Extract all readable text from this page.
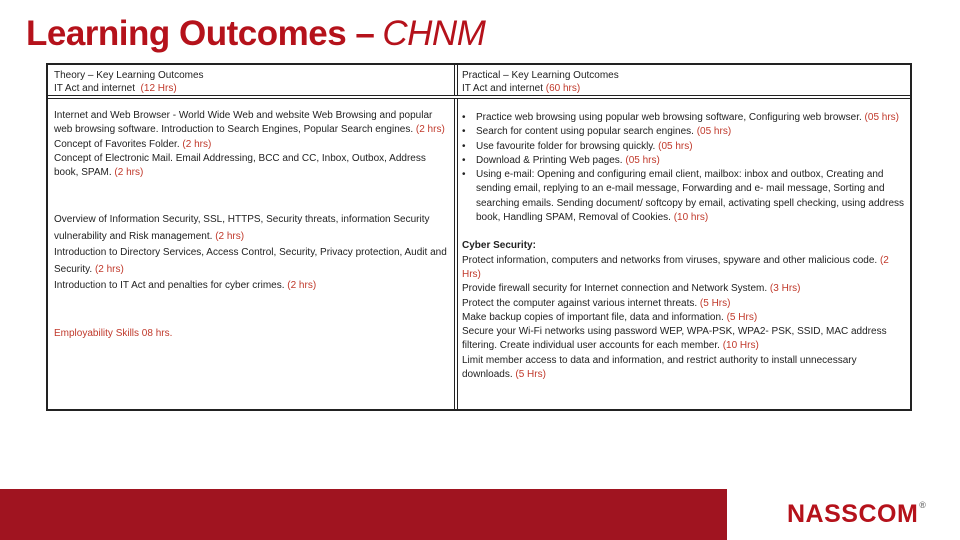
Learning Outcomes – CHNM
Theory – Key Learning Outcomes
IT Act and internet (12 Hrs)
Practical – Key Learning Outcomes
IT Act and internet (60 hrs)

Internet and Web Browser - World Wide Web and website Web Browsing and popular web browsing software. Introduction to Search Engines, Popular Search engines. (2 hrs)

Concept of Favorites Folder. (2 hrs)

Concept of Electronic Mail. Email Addressing, BCC and CC, Inbox, Outbox, Address book, SPAM. (2 hrs)

Overview of Information Security, SSL, HTTPS, Security threats, information Security vulnerability and Risk management. (2 hrs)

Introduction to Directory Services, Access Control, Security, Privacy protection, Audit and Security. (2 hrs)

Introduction to IT Act and penalties for cyber crimes. (2 hrs)

Employability Skills 08 hrs.

• Practice web browsing using popular web browsing software, Configuring web browser. (05 hrs)
• Search for content using popular search engines. (05 hrs)
• Use favourite folder for browsing quickly. (05 hrs)
• Download & Printing Web pages. (05 hrs)
• Using e-mail: Opening and configuring email client, mailbox: inbox and outbox, Creating and sending email, replying to an e-mail message, Forwarding and e- mail message, Sorting and searching emails. Sending document/ softcopy by email, activating spell checking, using address book, Handling SPAM, Removal of Cookies. (10 hrs)

Cyber Security:

Protect information, computers and networks from viruses, spyware and other malicious code. (2 Hrs)

Provide firewall security for Internet connection and Network System. (3 Hrs)

Protect the computer against various internet threats. (5 Hrs)

Make backup copies of important file, data and information. (5 Hrs)

Secure your Wi-Fi networks using password WEP, WPA-PSK, WPA2- PSK, SSID, MAC address filtering. Create individual user accounts for each member. (10 Hrs)

Limit member access to data and information, and restrict authority to install unnecessary downloads. (5 Hrs)

NASSCOM®
